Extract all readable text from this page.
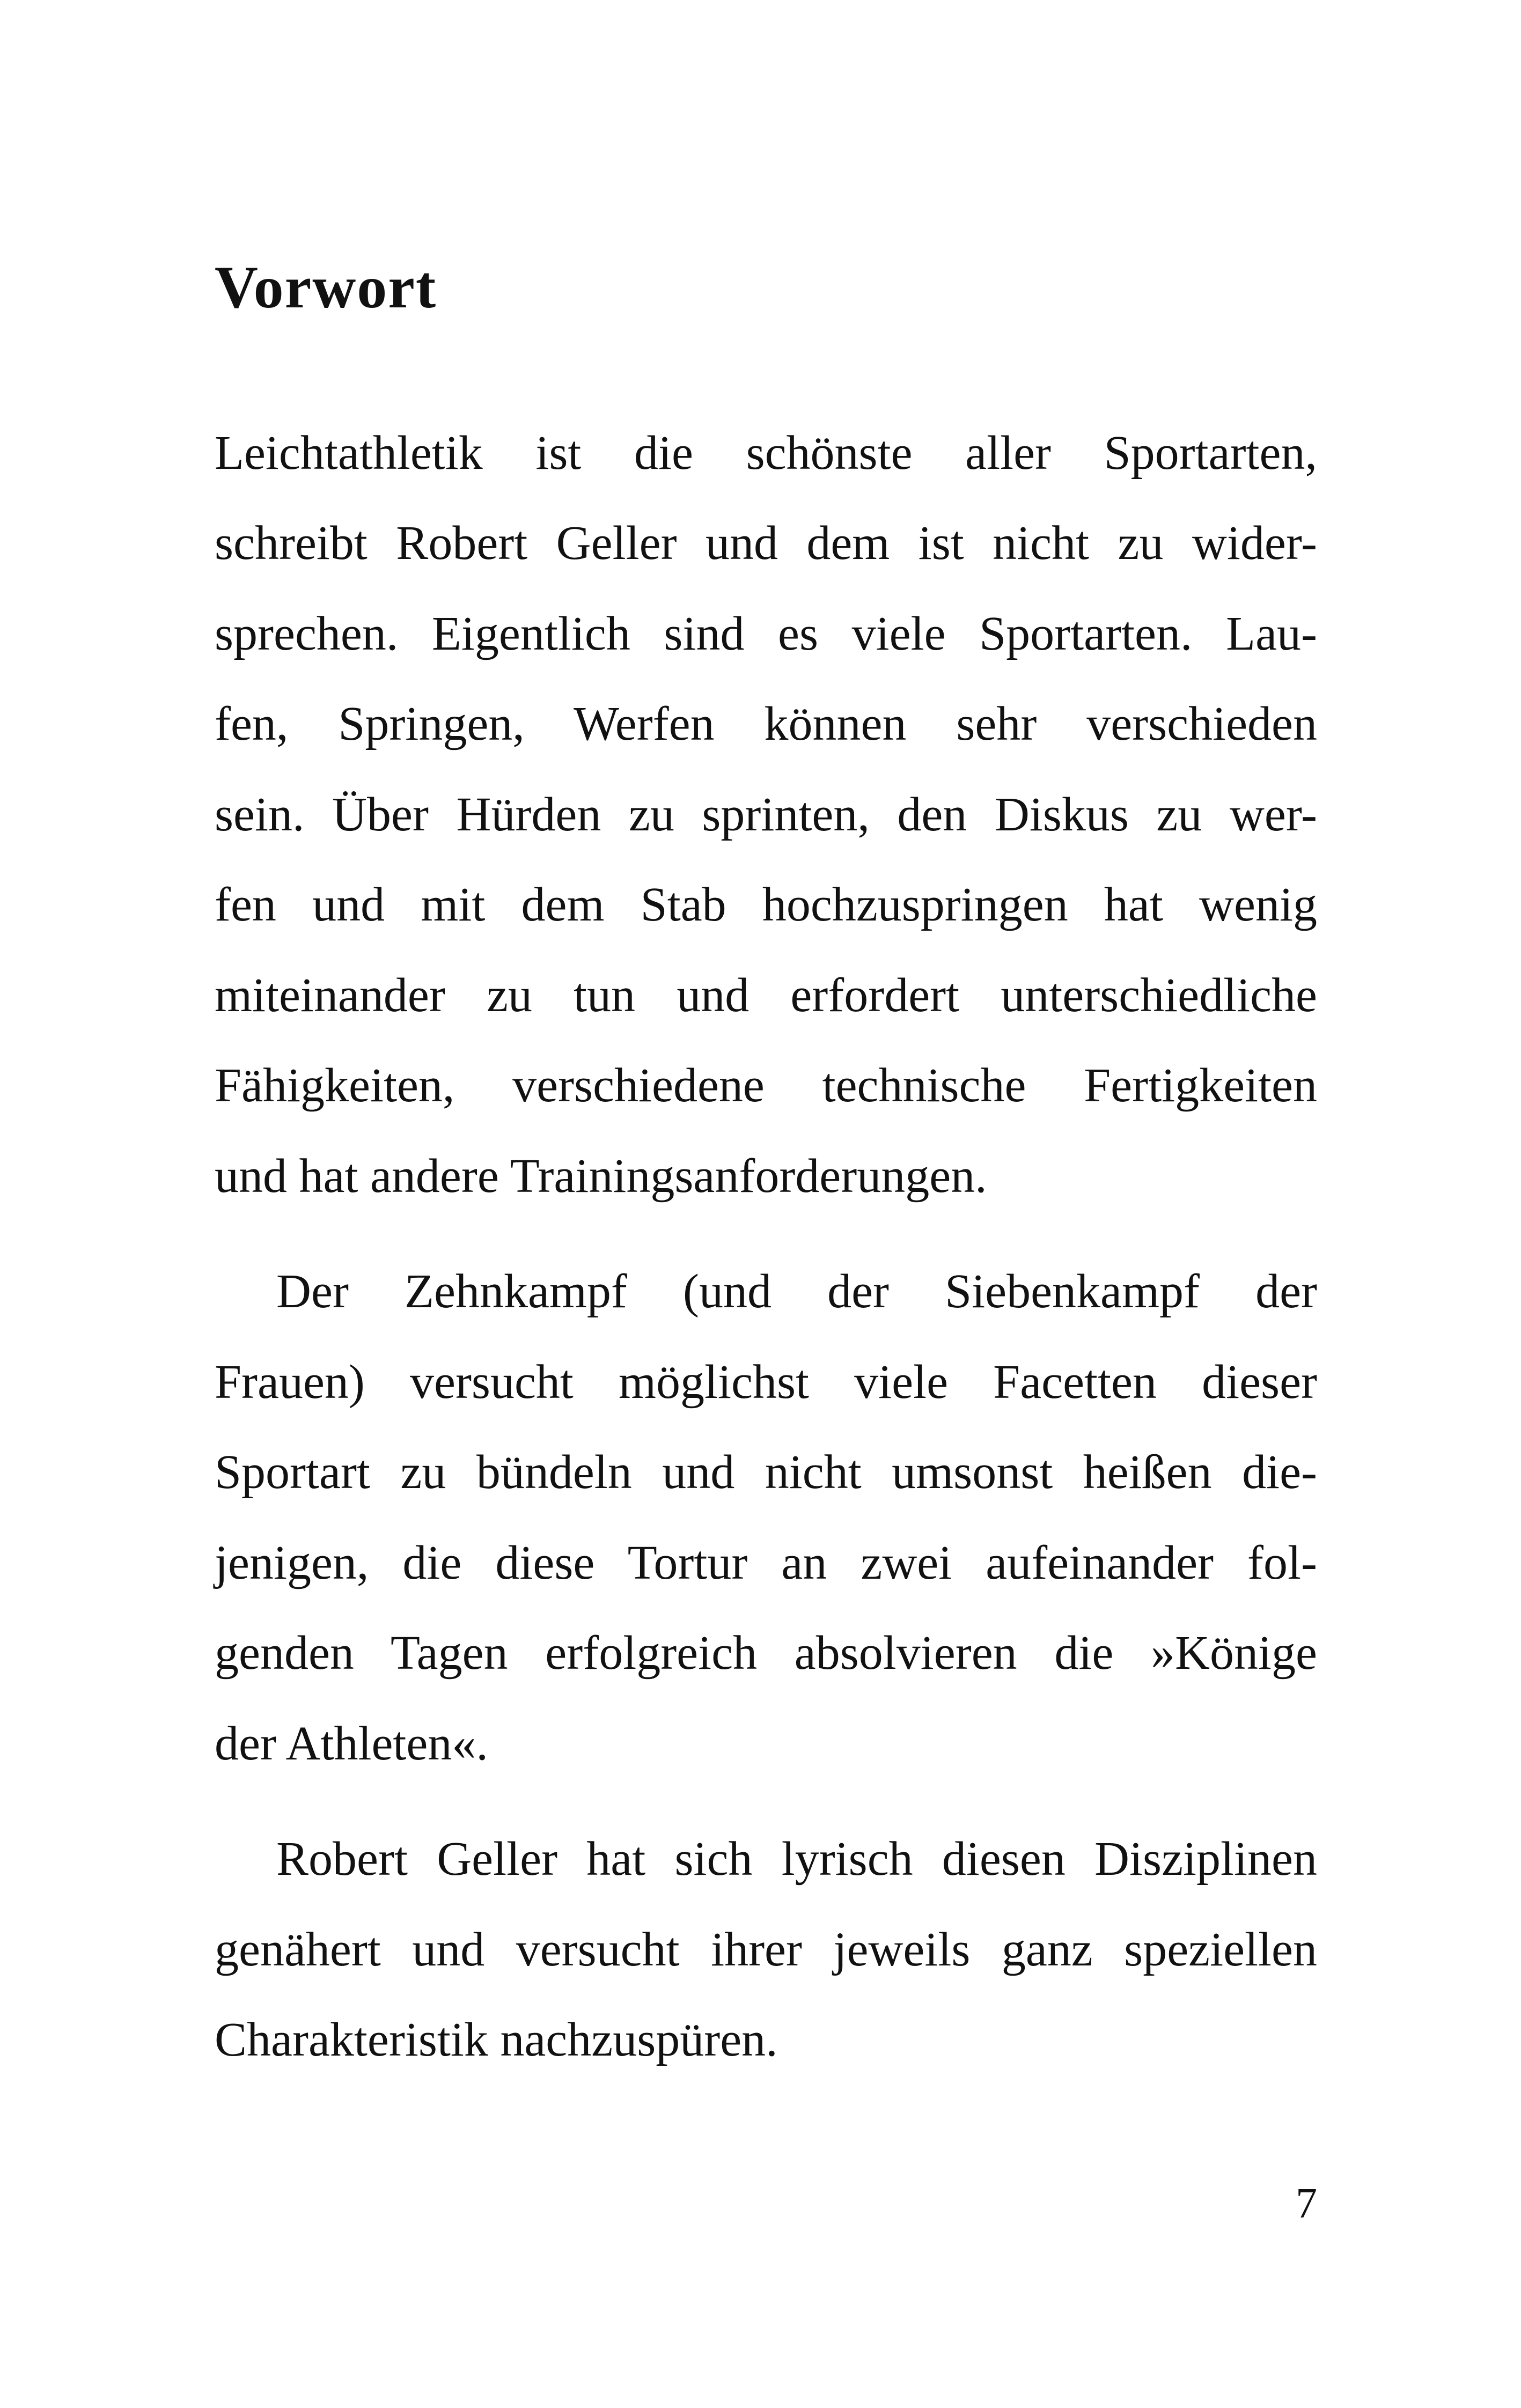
Vorwort

Leichtathletik ist die schönste aller Sportarten,

schreibt Robert Geller und dem ist nicht zu wider-

sprechen. Eigentlich sind es viele Sportarten. Lau-

fen, Springen, Werfen können sehr verschieden

sein. Über Hürden zu sprinten, den Diskus zu wer-

fen und mit dem Stab hochzuspringen hat wenig

miteinander zu tun und erfordert unterschiedliche

Fähigkeiten, verschiedene technische Fertigkeiten

und hat andere Trainingsanforderungen.

Der Zehnkampf (und der Siebenkampf der

Frauen) versucht möglichst viele Facetten dieser

Sportart zu bündeln und nicht umsonst heißen die-

jenigen, die diese Tortur an zwei aufeinander fol-

genden Tagen erfolgreich absolvieren die »Könige

der Athleten«.

Robert Geller hat sich lyrisch diesen Disziplinen

genähert und versucht ihrer jeweils ganz speziellen

Charakteristik nachzuspüren.

7
